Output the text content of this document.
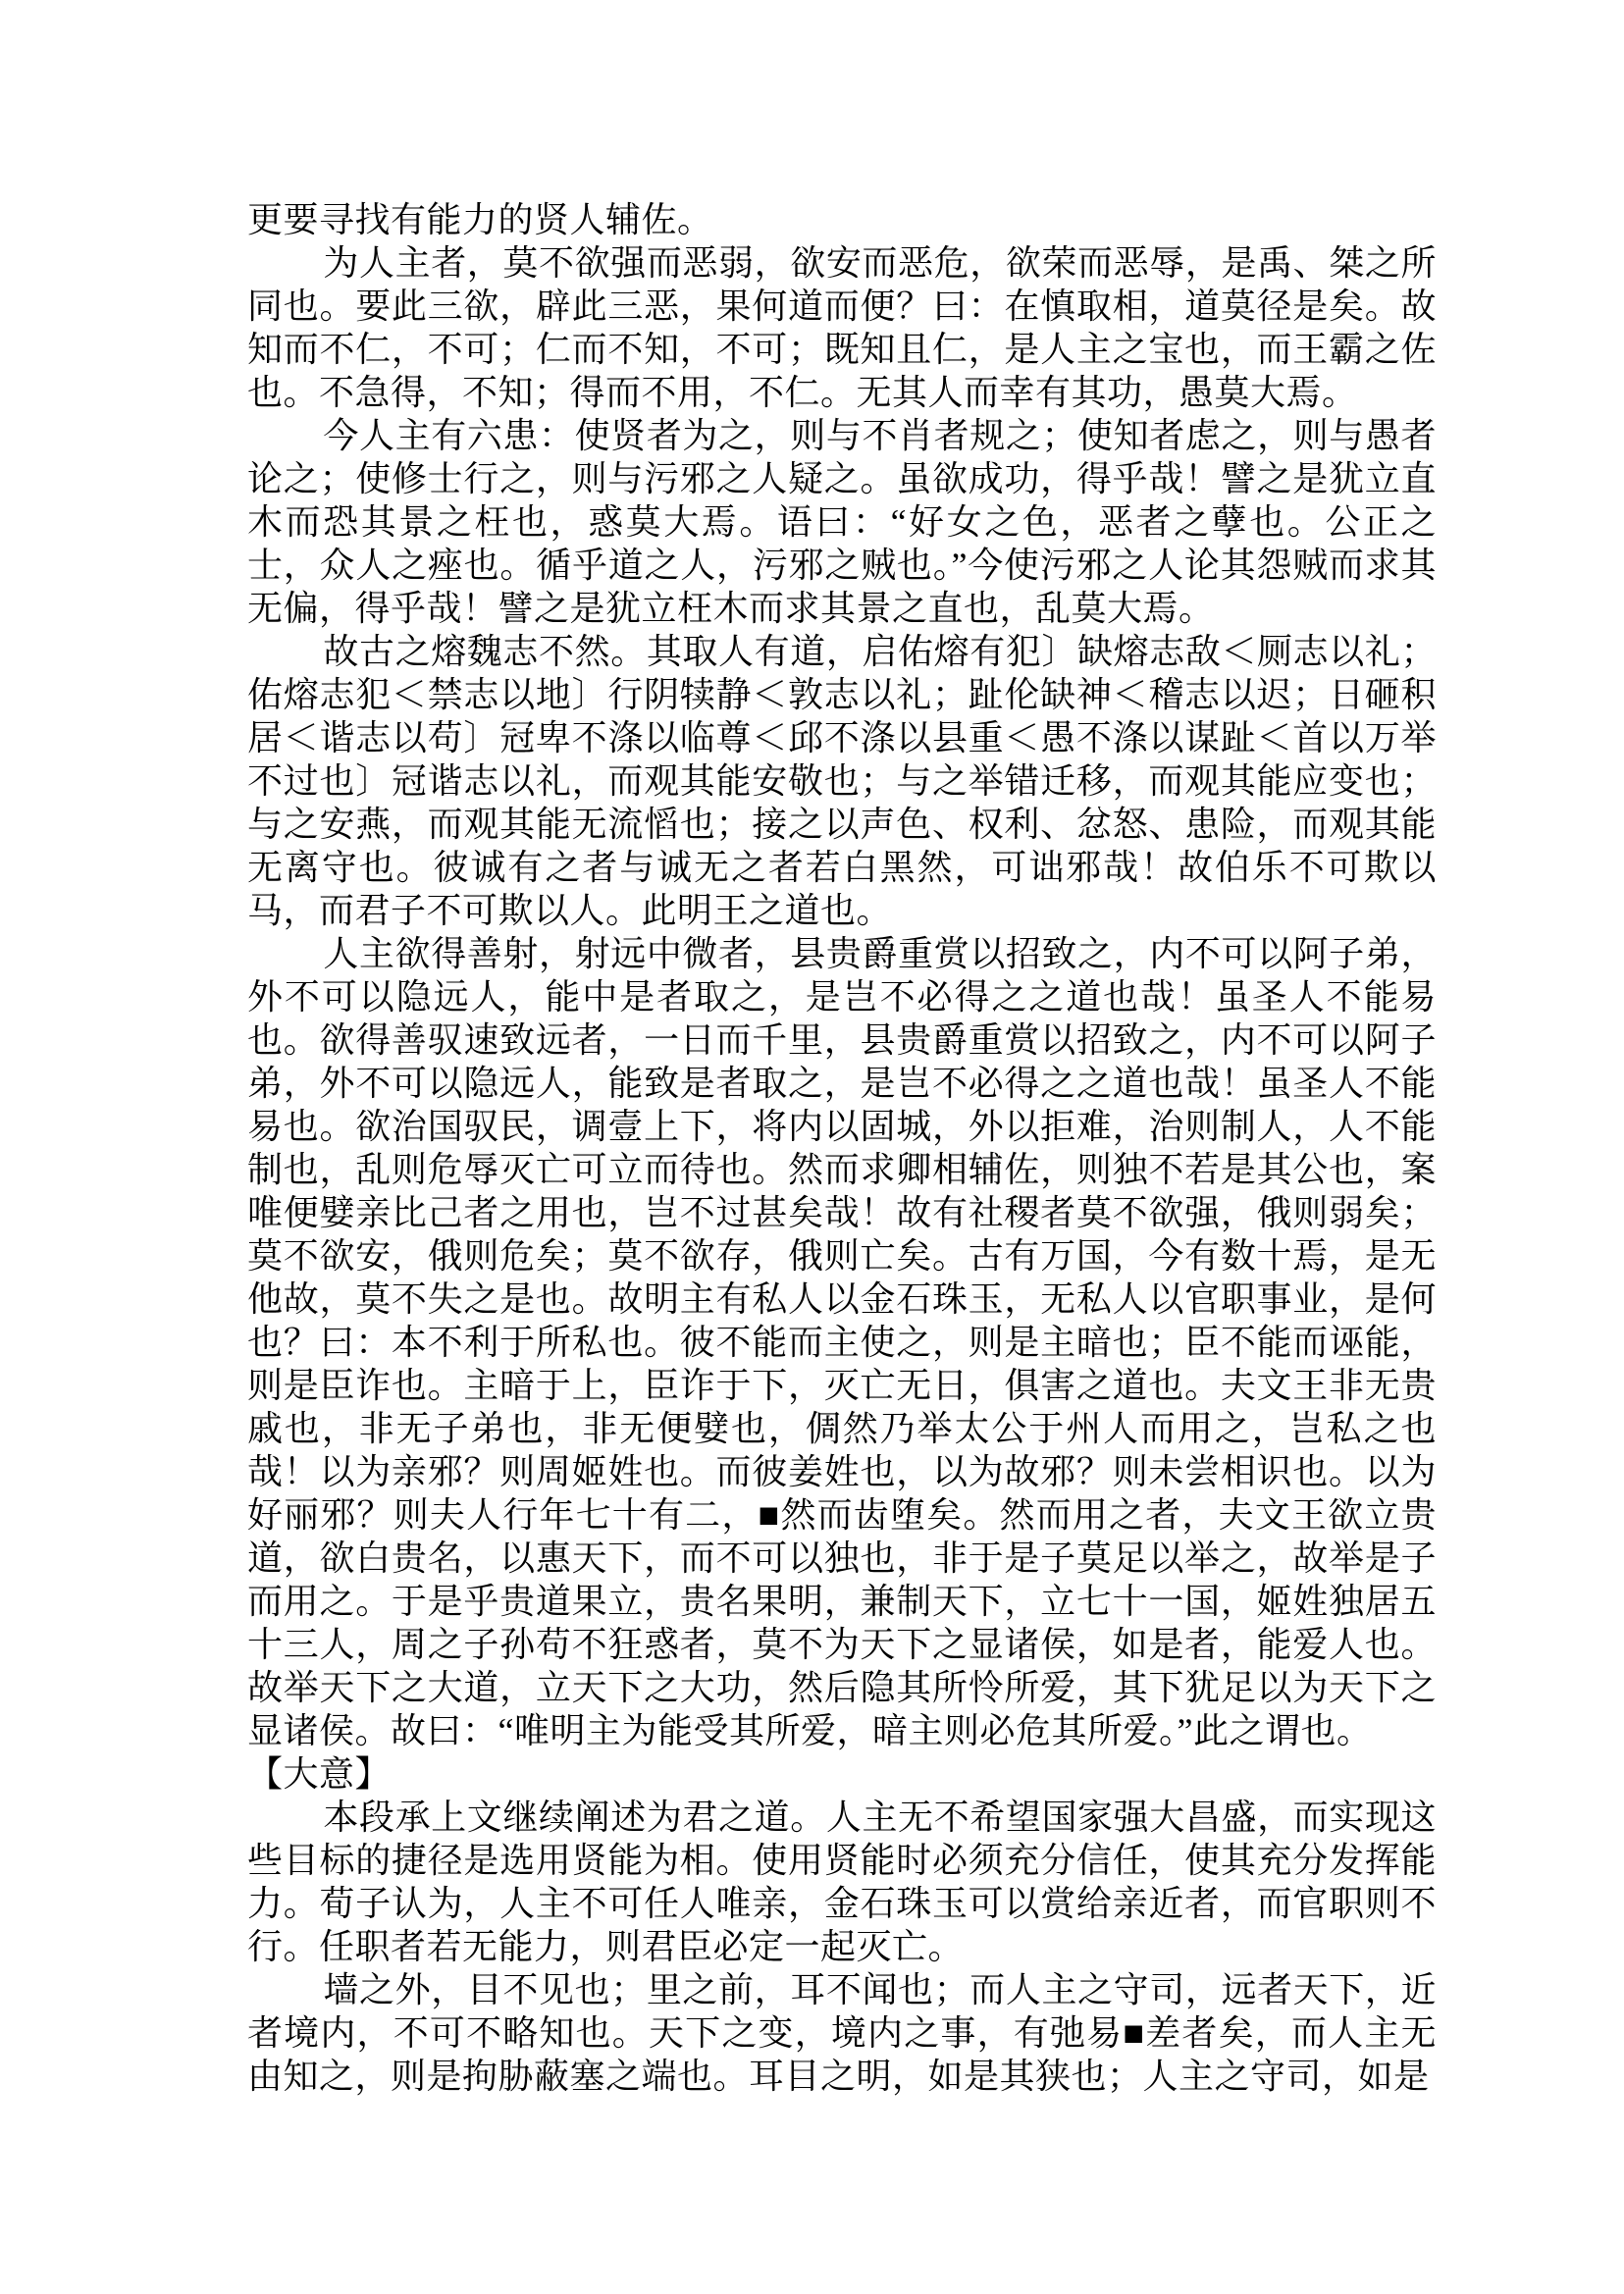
更要寻找有能力的贤人辅佐。

为人主者，莫不欲强而恶弱，欲安而恶危，欲荣而恶辱，是禹、桀之所同也。要此三欲，辟此三恶，果何道而便？曰：在慎取相，道莫径是矣。故知而不仁，不可；仁而不知，不可；既知且仁，是人主之宝也，而王霸之佐也。不急得，不知；得而不用，不仁。无其人而幸有其功，愚莫大焉。

今人主有六患：使贤者为之，则与不肖者规之；使知者虑之，则与愚者论之；使修士行之，则与污邪之人疑之。虽欲成功，得乎哉！譬之是犹立直木而恐其景之枉也，惑莫大焉。语曰：“好女之色，恶者之孽也。公正之士，众人之痤也。循乎道之人，污邪之贼也。”今使污邪之人论其怨贼而求其无偏，得乎哉！譬之是犹立枉木而求其景之直也，乱莫大焉。

故古之熔魏志不然。其取人有道，启佑熔有犯〕缺熔志敌＜厕志以礼；佑熔志犯＜禁志以地〕行阴犊静＜敦志以礼；趾伦缺神＜稽志以迟；日砸积居＜谐志以苟〕冠卑不涤以临尊＜邱不涤以县重＜愚不涤以谋趾＜首以万举不过也〕冠谐志以礼，而观其能安敬也；与之举错迁移，而观其能应变也；与之安燕，而观其能无流慆也；接之以声色、权利、忿怒、患险，而观其能无离守也。彼诚有之者与诚无之者若白黑然，可诎邪哉！故伯乐不可欺以马，而君子不可欺以人。此明王之道也。

人主欲得善射，射远中微者，县贵爵重赏以招致之，内不可以阿子弟，外不可以隐远人，能中是者取之，是岂不必得之之道也哉！虽圣人不能易也。欲得善驭速致远者，一日而千里，县贵爵重赏以招致之，内不可以阿子弟，外不可以隐远人，能致是者取之，是岂不必得之之道也哉！虽圣人不能易也。欲治国驭民，调壹上下，将内以固城，外以拒难，治则制人，人不能制也，乱则危辱灭亡可立而待也。然而求卿相辅佐，则独不若是其公也，案唯便嬖亲比己者之用也，岂不过甚矣哉！故有社稷者莫不欲强，俄则弱矣；莫不欲安，俄则危矣；莫不欲存，俄则亡矣。古有万国，今有数十焉，是无他故，莫不失之是也。故明主有私人以金石珠玉，无私人以官职事业，是何也？曰：本不利于所私也。彼不能而主使之，则是主暗也；臣不能而诬能，则是臣诈也。主暗于上，臣诈于下，灭亡无日，俱害之道也。夫文王非无贵戚也，非无子弟也，非无便嬖也，倜然乃举太公于州人而用之，岂私之也哉！以为亲邪？则周姬姓也。而彼姜姓也，以为故邪？则未尝相识也。以为好丽邪？则夫人行年七十有二，■然而齿堕矣。然而用之者，夫文王欲立贵道，欲白贵名，以惠天下，而不可以独也，非于是子莫足以举之，故举是子而用之。于是乎贵道果立，贵名果明，兼制天下，立七十一国，姬姓独居五十三人，周之子孙苟不狂惑者，莫不为天下之显诸侯，如是者，能爱人也。故举天下之大道，立天下之大功，然后隐其所怜所爱，其下犹足以为天下之显诸侯。故曰：“唯明主为能受其所爱，暗主则必危其所爱。”此之谓也。

【大意】

本段承上文继续阐述为君之道。人主无不希望国家强大昌盛，而实现这些目标的捷径是选用贤能为相。使用贤能时必须充分信任，使其充分发挥能力。荀子认为，人主不可任人唯亲，金石珠玉可以赏给亲近者，而官职则不行。任职者若无能力，则君臣必定一起灭亡。

墙之外，目不见也；里之前，耳不闻也；而人主之守司，远者天下，近者境内，不可不略知也。天下之变，境内之事，有弛易■差者矣，而人主无由知之，则是拘胁蔽塞之端也。耳目之明，如是其狭也；人主之守司，如是
